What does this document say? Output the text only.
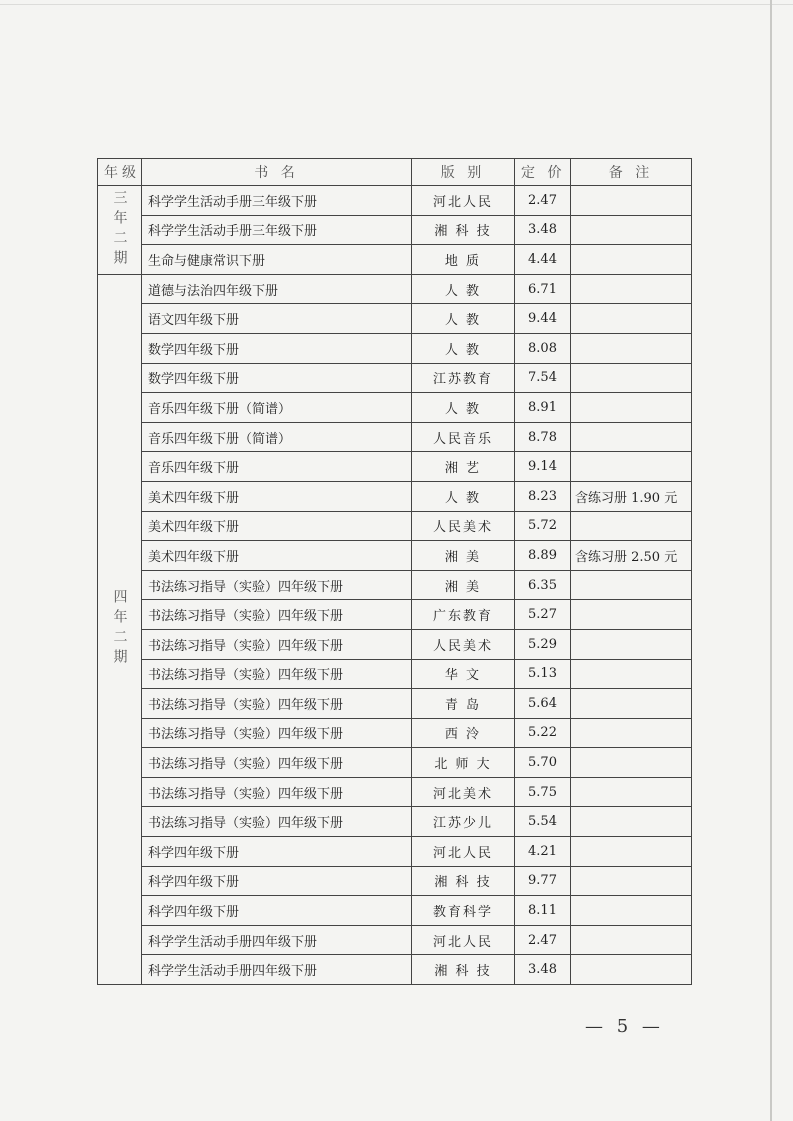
年级	书 名	版 别	定 价	备 注
三年二期	科学学生活动手册三年级下册	河北人民	2.47	
	科学学生活动手册三年级下册	湘 科 技	3.48	
	生命与健康常识下册	地 质	4.44	
四年二期	道德与法治四年级下册	人 教	6.71	
	语文四年级下册	人 教	9.44	
	数学四年级下册	人 教	8.08	
	数学四年级下册	江苏教育	7.54	
	音乐四年级下册（简谱）	人 教	8.91	
	音乐四年级下册（简谱）	人民音乐	8.78	
	音乐四年级下册	湘 艺	9.14	
	美术四年级下册	人 教	8.23	含练习册 1.90 元
	美术四年级下册	人民美术	5.72	
	美术四年级下册	湘 美	8.89	含练习册 2.50 元
	书法练习指导（实验）四年级下册	湘 美	6.35	
	书法练习指导（实验）四年级下册	广东教育	5.27	
	书法练习指导（实验）四年级下册	人民美术	5.29	
	书法练习指导（实验）四年级下册	华 文	5.13	
	书法练习指导（实验）四年级下册	青 岛	5.64	
	书法练习指导（实验）四年级下册	西 泠	5.22	
	书法练习指导（实验）四年级下册	北 师 大	5.70	
	书法练习指导（实验）四年级下册	河北美术	5.75	
	书法练习指导（实验）四年级下册	江苏少儿	5.54	
	科学四年级下册	河北人民	4.21	
	科学四年级下册	湘 科 技	9.77	
	科学四年级下册	教育科学	8.11	
	科学学生活动手册四年级下册	河北人民	2.47	
	科学学生活动手册四年级下册	湘 科 技	3.48	
— 5 —
